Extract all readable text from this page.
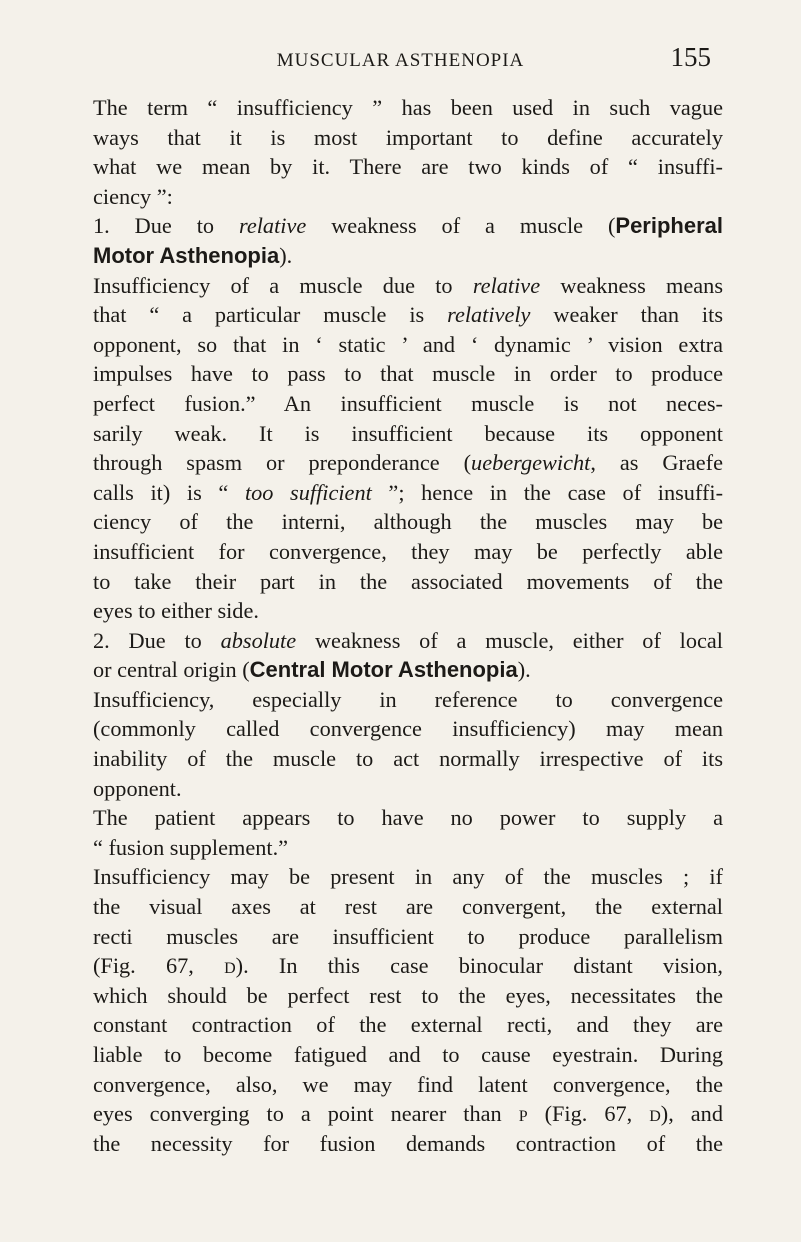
MUSCULAR ASTHENOPIA	155
The term “ insufficiency ” has been used in such vague
ways that it is most important to define accurately
what we mean by it. There are two kinds of “ insuffi-
ciency ”:
1. Due to relative weakness of a muscle (Peripheral
Motor Asthenopia).
Insufficiency of a muscle due to relative weakness means
that “ a particular muscle is relatively weaker than its
opponent, so that in ‘ static ’ and ‘ dynamic ’ vision extra
impulses have to pass to that muscle in order to produce
perfect fusion.” An insufficient muscle is not neces-
sarily weak. It is insufficient because its opponent
through spasm or preponderance (uebergewicht, as Graefe
calls it) is “ too sufficient ”; hence in the case of insuffi-
ciency of the interni, although the muscles may be
insufficient for convergence, they may be perfectly able
to take their part in the associated movements of the
eyes to either side.
2. Due to absolute weakness of a muscle, either of local
or central origin (Central Motor Asthenopia).
Insufficiency, especially in reference to convergence
(commonly called convergence insufficiency) may mean
inability of the muscle to act normally irrespective of its
opponent.
The patient appears to have no power to supply a
“ fusion supplement.”
Insufficiency may be present in any of the muscles ; if
the visual axes at rest are convergent, the external
recti muscles are insufficient to produce parallelism
(Fig. 67, d). In this case binocular distant vision,
which should be perfect rest to the eyes, necessitates the
constant contraction of the external recti, and they are
liable to become fatigued and to cause eyestrain. During
convergence, also, we may find latent convergence, the
eyes converging to a point nearer than p (Fig. 67, d), and
the necessity for fusion demands contraction of the
